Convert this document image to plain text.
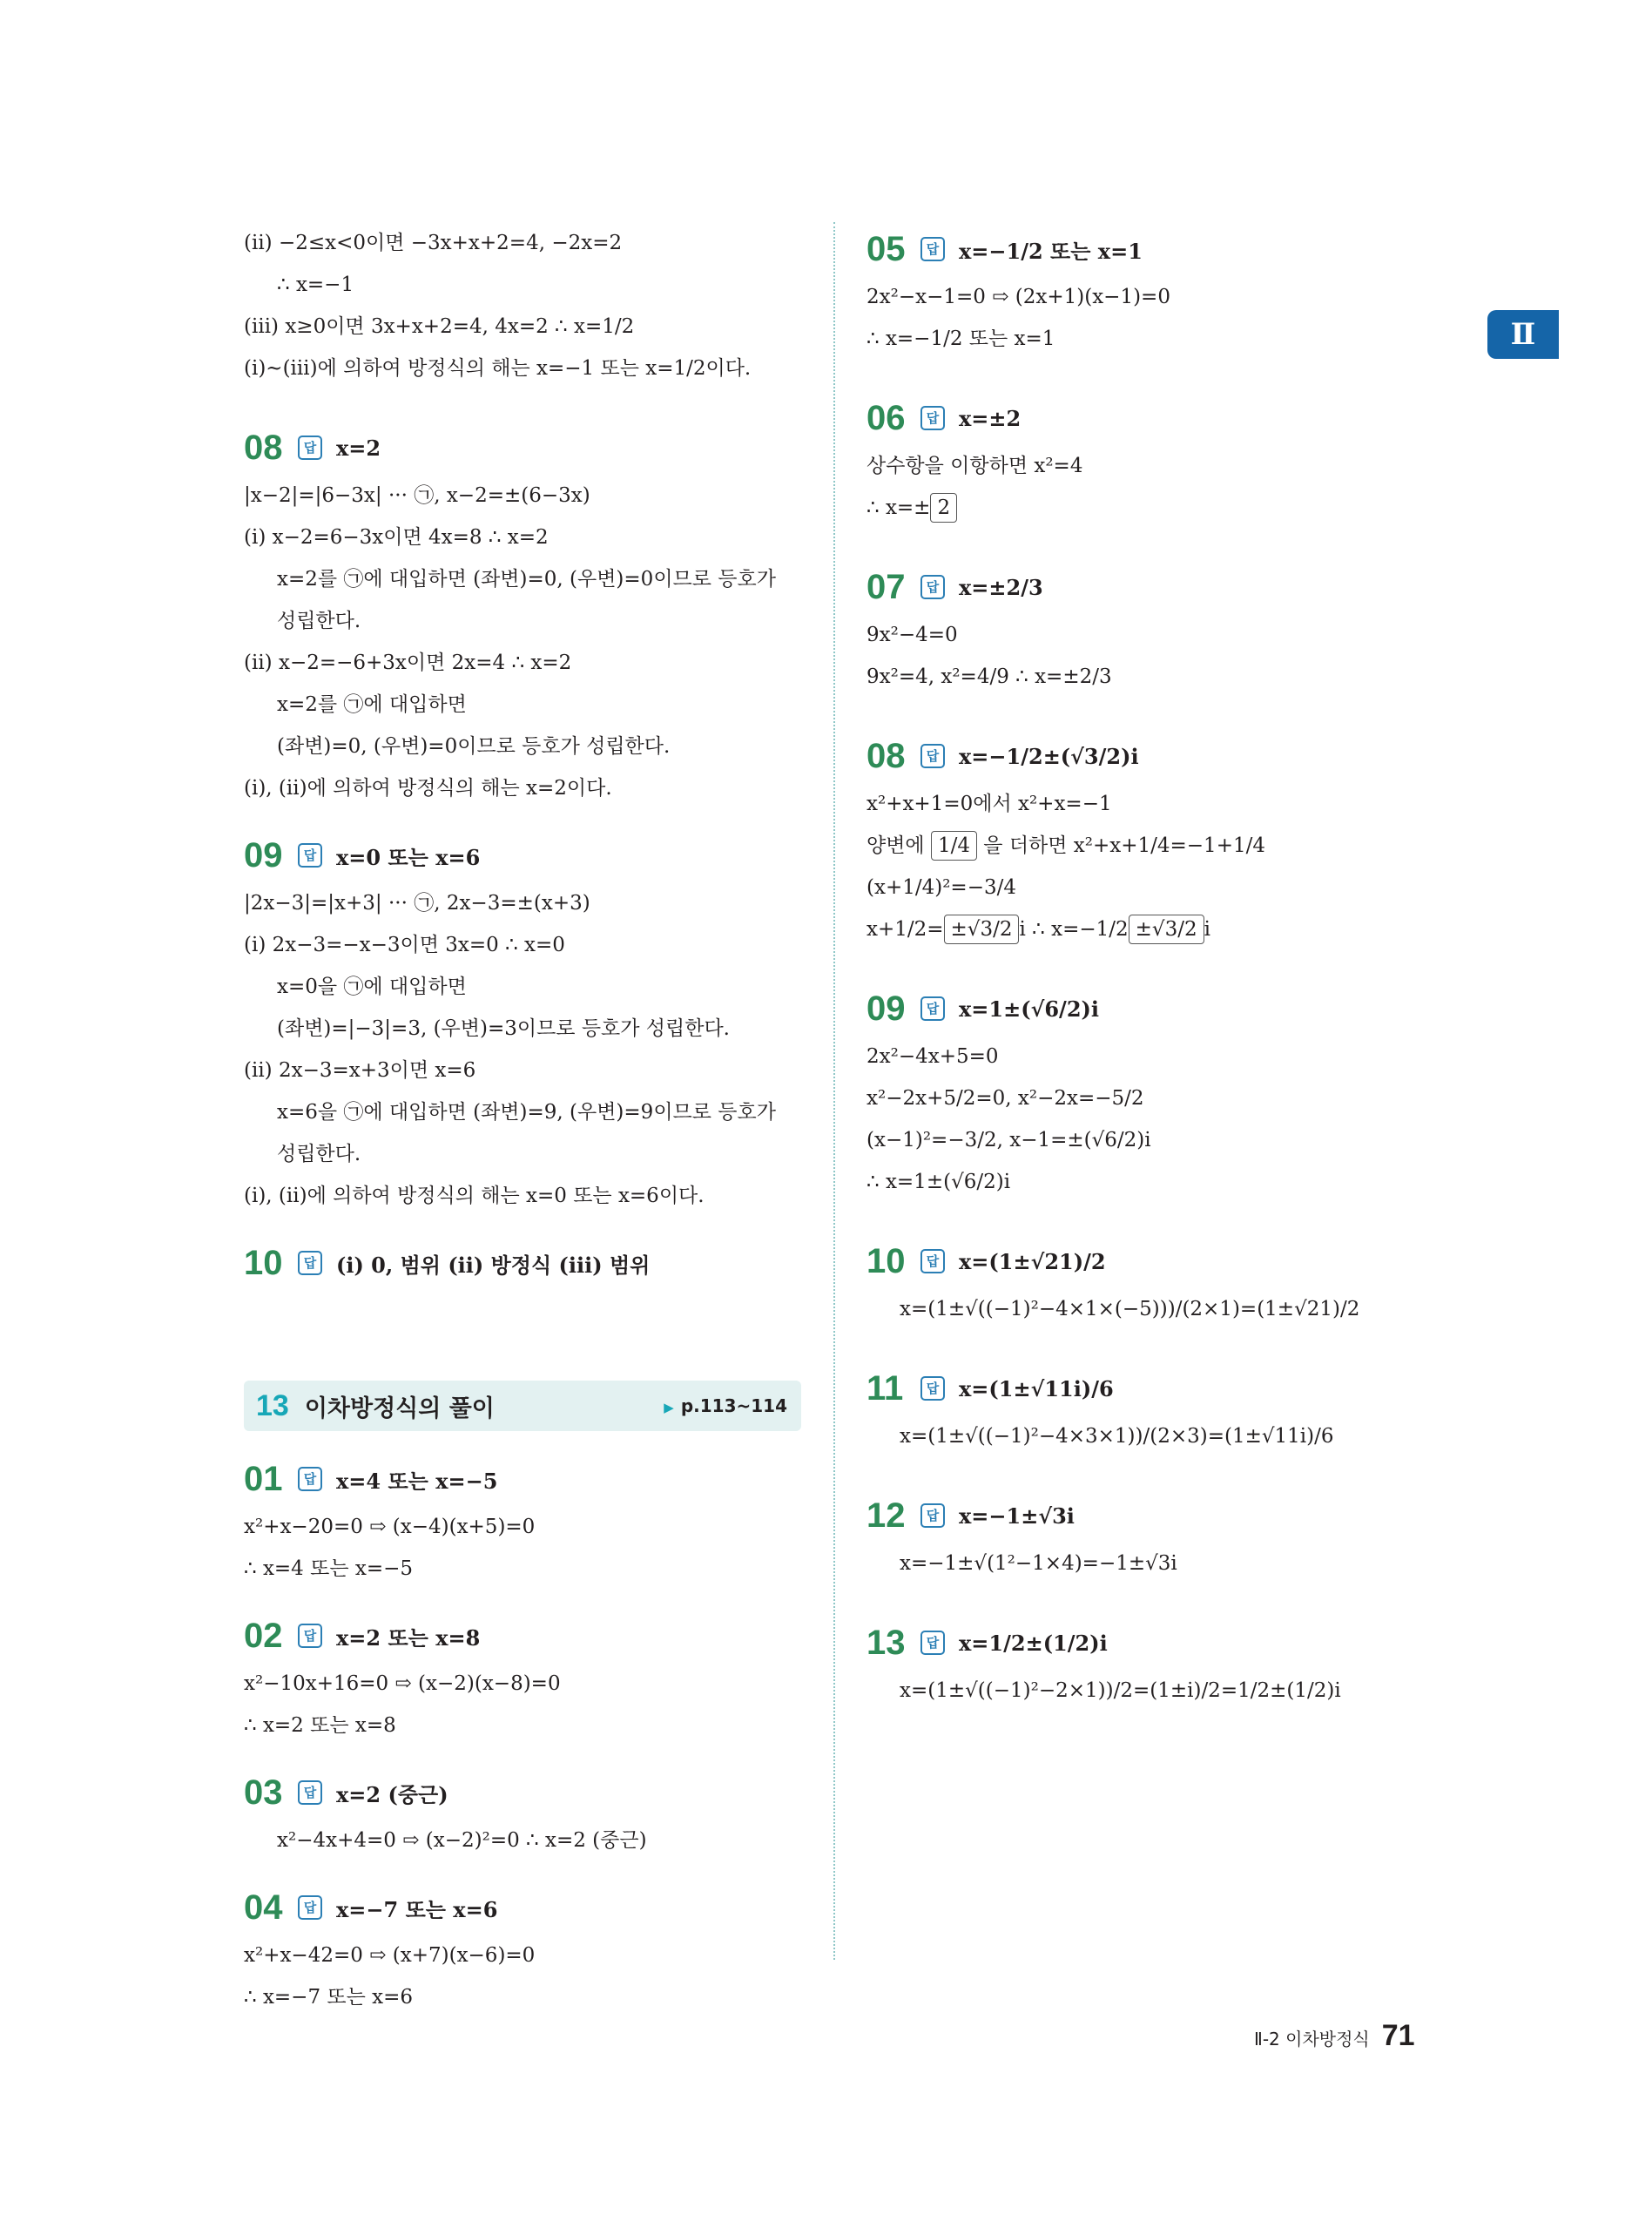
Ⅱ
(ⅱ) −2≤x<0이면 −3x+x+2=4, −2x=2
∴ x=−1
(ⅲ) x≥0이면 3x+x+2=4, 4x=2 ∴ x=1/2
(ⅰ)~(ⅲ)에 의하여 방정식의 해는 x=−1 또는 x=1/2이다.
08	답 x=2
|x−2|=|6−3x| ··· ㉠, x−2=±(6−3x)
(ⅰ) x−2=6−3x이면 4x=8 ∴ x=2
x=2를 ㉠에 대입하면 (좌변)=0, (우변)=0이므로 등호가
성립한다.
(ⅱ) x−2=−6+3x이면 2x=4 ∴ x=2
x=2를 ㉠에 대입하면
(좌변)=0, (우변)=0이므로 등호가 성립한다.
(ⅰ), (ⅱ)에 의하여 방정식의 해는 x=2이다.
09	답 x=0 또는 x=6
|2x−3|=|x+3| ··· ㉠, 2x−3=±(x+3)
(ⅰ) 2x−3=−x−3이면 3x=0 ∴ x=0
x=0을 ㉠에 대입하면
(좌변)=|−3|=3, (우변)=3이므로 등호가 성립한다.
(ⅱ) 2x−3=x+3이면 x=6
x=6을 ㉠에 대입하면 (좌변)=9, (우변)=9이므로 등호가
성립한다.
(ⅰ), (ⅱ)에 의하여 방정식의 해는 x=0 또는 x=6이다.
10	답 (ⅰ) 0, 범위 (ⅱ) 방정식 (ⅲ) 범위
13 이차방정식의 풀이	▶ p.113~114
01	답 x=4 또는 x=−5
x²+x−20=0 ⇨ (x−4)(x+5)=0
∴ x=4 또는 x=−5
02	답 x=2 또는 x=8
x²−10x+16=0 ⇨ (x−2)(x−8)=0
∴ x=2 또는 x=8
03	답 x=2 (중근)
x²−4x+4=0 ⇨ (x−2)²=0 ∴ x=2 (중근)
04	답 x=−7 또는 x=6
x²+x−42=0 ⇨ (x+7)(x−6)=0
∴ x=−7 또는 x=6
05	답 x=−1/2 또는 x=1
2x²−x−1=0 ⇨ (2x+1)(x−1)=0
∴ x=−1/2 또는 x=1
06	답 x=±2
상수항을 이항하면 x²=4
∴ x=± 2
07	답 x=±2/3
9x²−4=0
9x²=4, x²=4/9 ∴ x=±2/3
08	답 x=−1/2±(√3/2)i
x²+x+1=0에서 x²+x=−1
양변에 1/4 을 더하면 x²+x+1/4=−1+1/4
(x+1/4)²=−3/4
x+1/2= ±√3/2 i ∴ x=−1/2 ±√3/2 i
09	답 x=1±(√6/2)i
2x²−4x+5=0
x²−2x+5/2=0, x²−2x=−5/2
(x−1)²=−3/2, x−1=±(√6/2)i
∴ x=1±(√6/2)i
10	답 x=(1±√21)/2
x=(1±√((−1)²−4×1×(−5)))/(2×1)=(1±√21)/2
11	답 x=(1±√11i)/6
x=(1±√((−1)²−4×3×1))/(2×3)=(1±√11i)/6
12	답 x=−1±√3i
x=−1±√(1²−1×4)=−1±√3i
13	답 x=1/2±(1/2)i
x=(1±√((−1)²−2×1))/2=(1±i)/2=1/2±(1/2)i
Ⅱ-2 이차방정식 71
